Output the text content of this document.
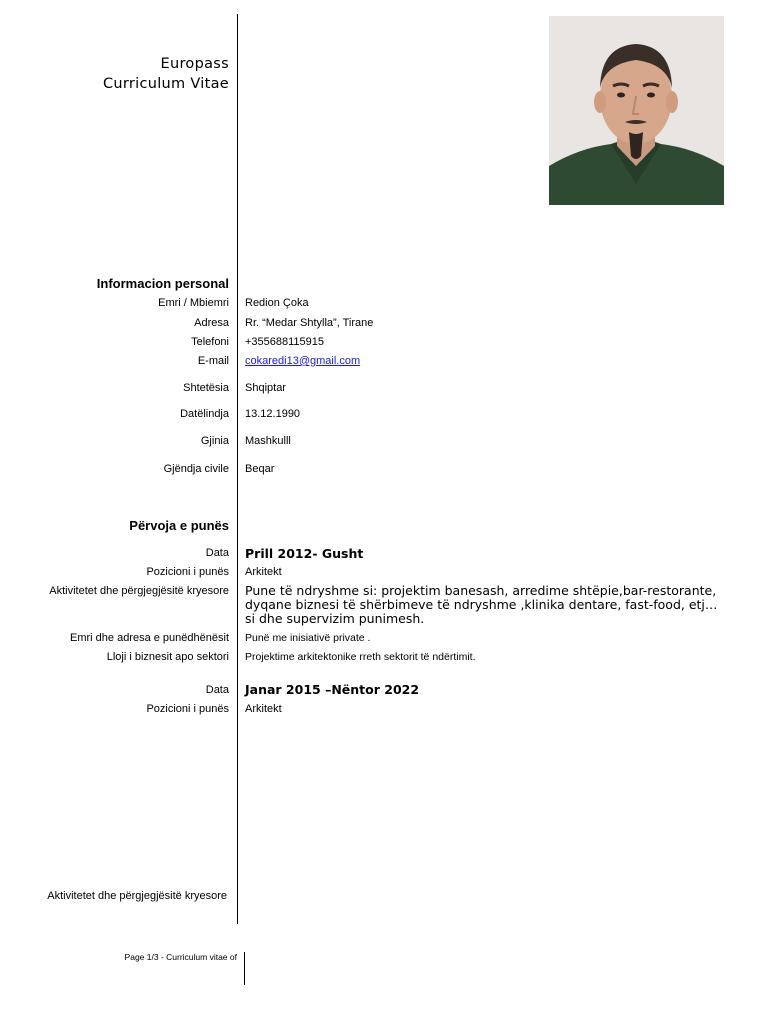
Europass
Curriculum Vitae
Informacion personal
Emri / Mbiemri Redion Çoka
Adresa Rr. “Medar Shtylla”, Tirane
Telefoni +355688115915
E-mail cokaredi13@gmail.com
Shtetësia Shqiptar
Datëlindja 13.12.1990
Gjinia Mashkulll
Gjëndja civile Beqar
Përvoja e punës
Data Prill 2012- Gusht
Pozicioni i punës Arkitekt
Aktivitetet dhe përgjegjësitë kryesore Pune të ndryshme si: projektim banesash, arredime shtëpie,bar-restorante, dyqane biznesi të shërbimeve të ndryshme ,klinika dentare, fast-food, etj… si dhe supervizim punimesh.
Emri dhe adresa e punëdhënësit Punë me inisiativë private .
Lloji i biznesit apo sektori Projektime arkitektonike rreth sektorit të ndërtimit.
Data Janar 2015 –Nëntor 2022
Pozicioni i punës Arkitekt
Aktivitetet dhe përgjegjësitë kryesore
Page 1/3 - Curriculum vitae of
